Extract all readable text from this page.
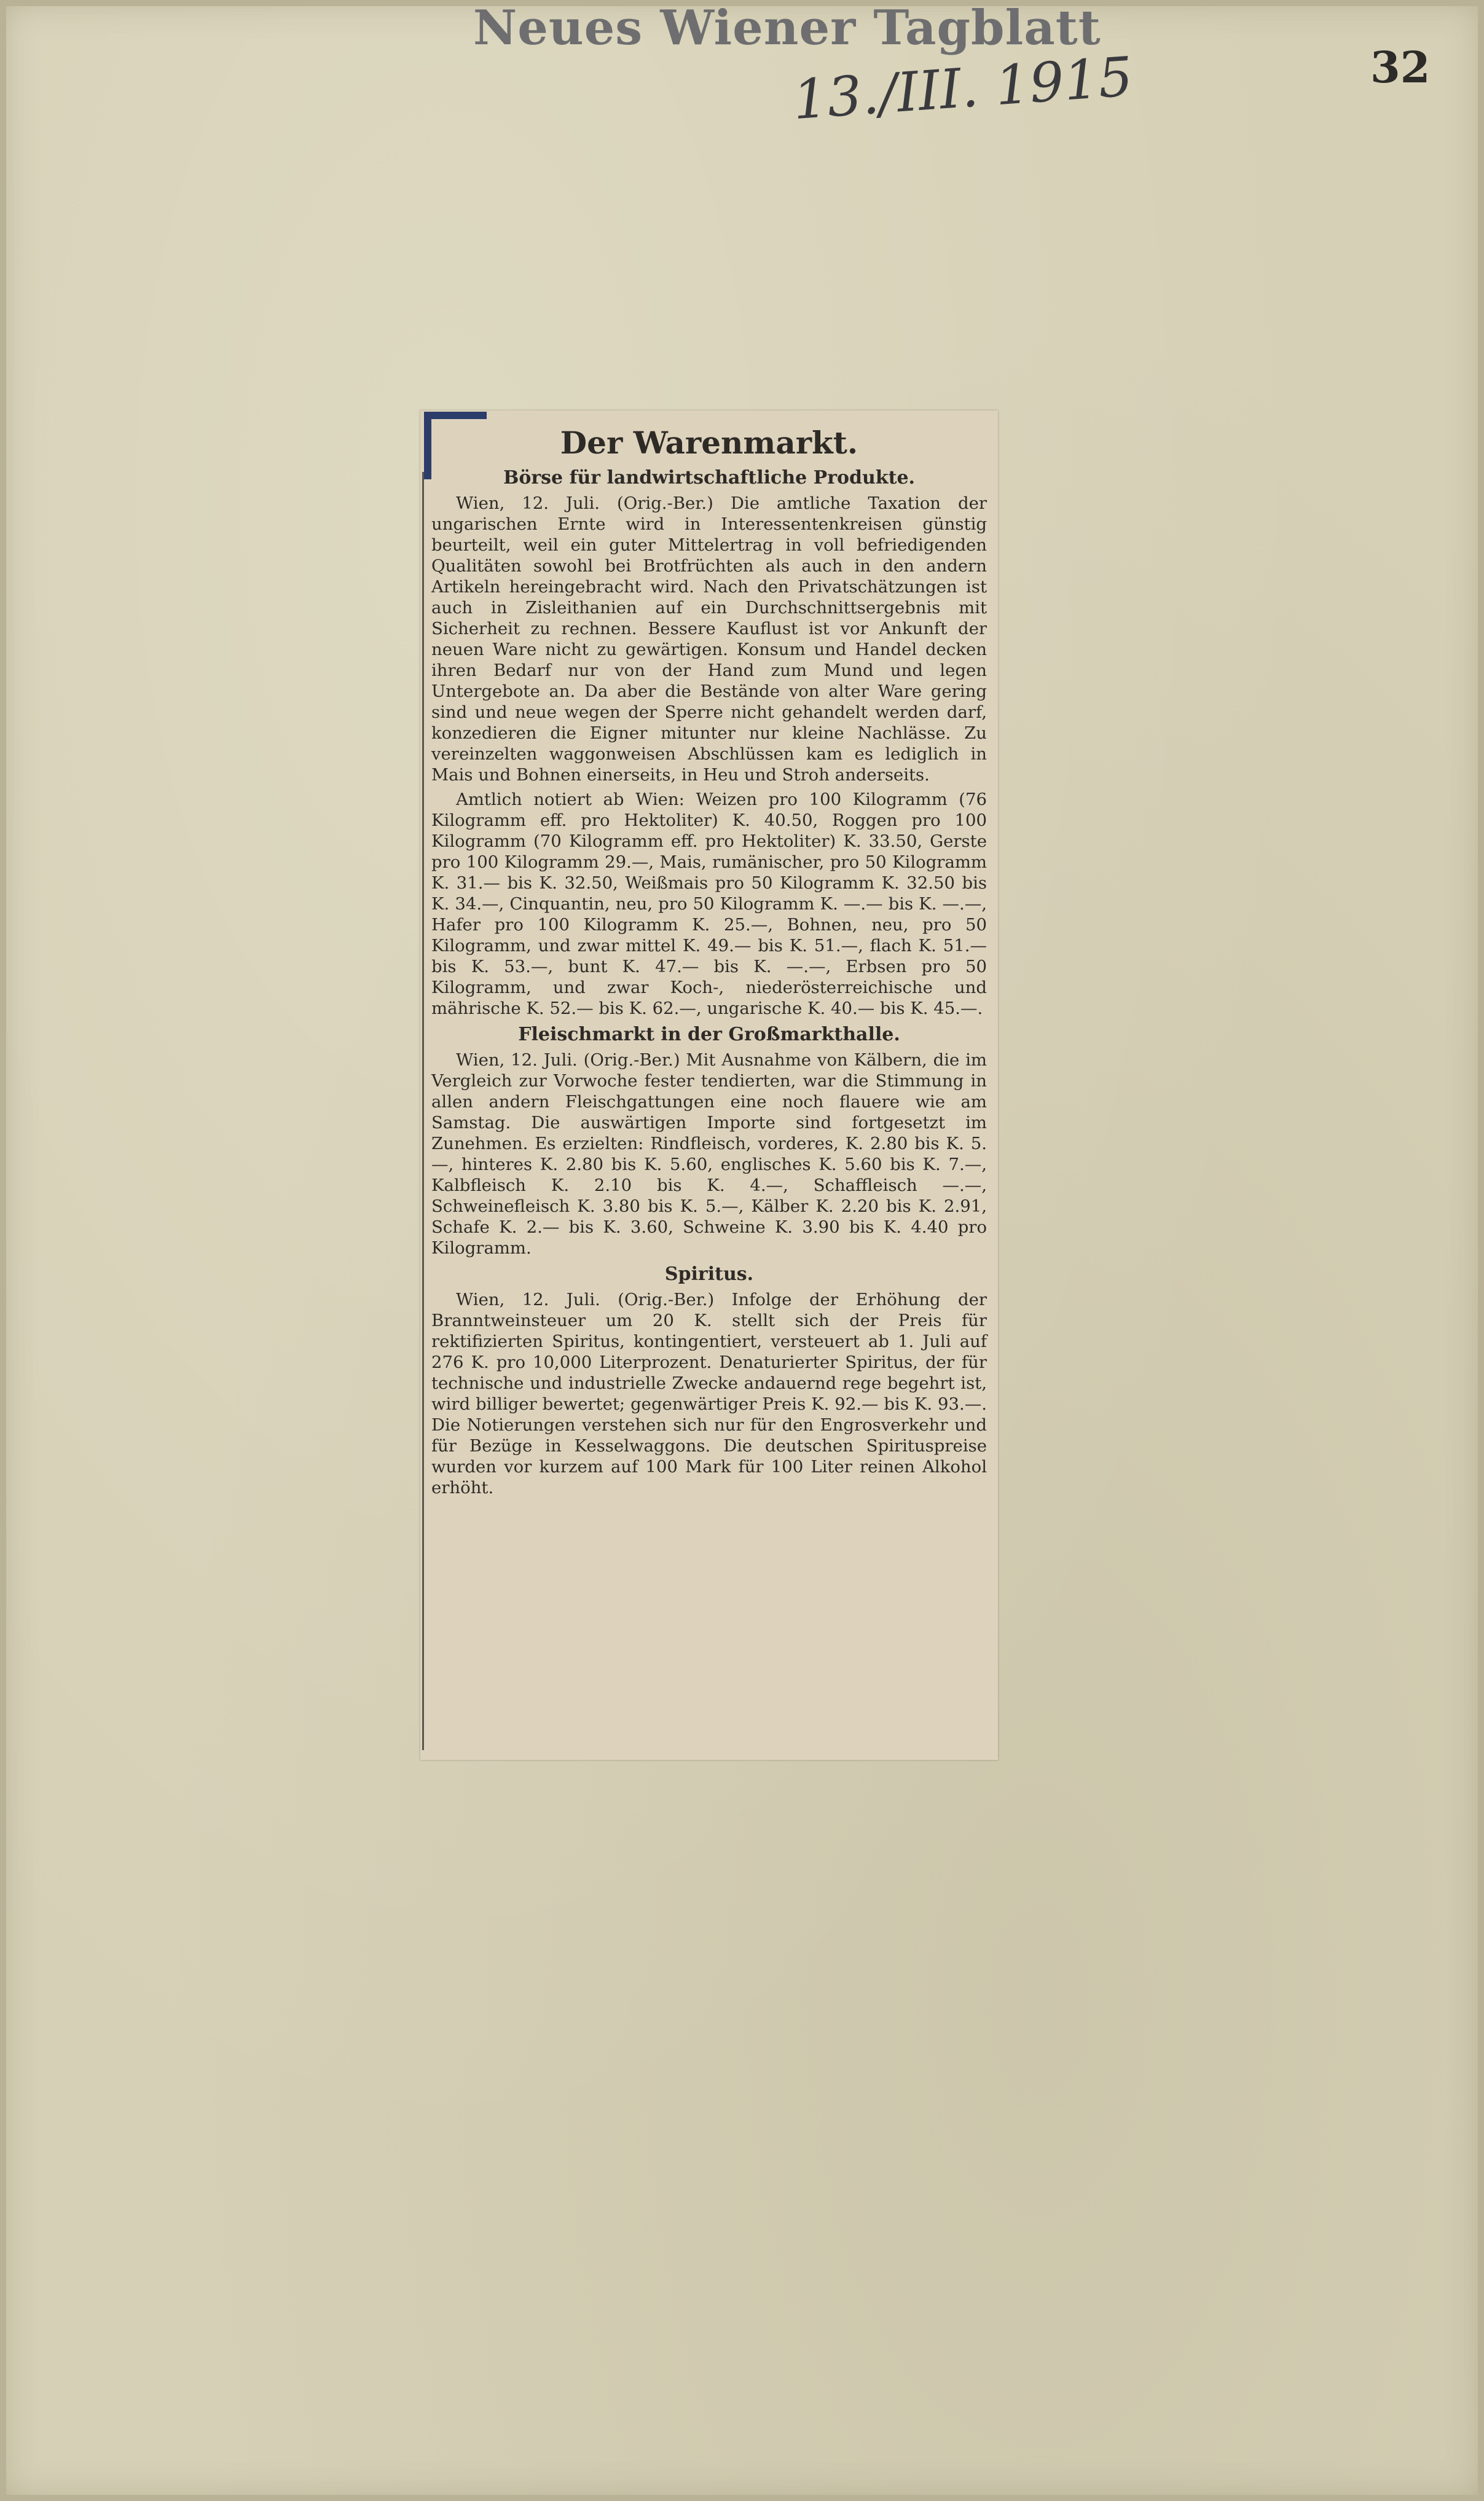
Neues Wiener Tagblatt
13./III. 1915	32
Der Warenmarkt.
Börse für landwirtschaftliche Produkte.

Wien, 12. Juli. (Orig.-Ber.) Die amtliche Taxation der ungarischen Ernte wird in Interessentenkreisen günstig beurteilt, weil ein guter Mittelertrag in voll befriedigenden Qualitäten sowohl bei Brotfrüchten als auch in den andern Artikeln hereingebracht wird. Nach den Privatschätzungen ist auch in Zisleithanien auf ein Durchschnittsergebnis mit Sicherheit zu rechnen. Bessere Kauflust ist vor Ankunft der neuen Ware nicht zu gewärtigen. Konsum und Handel decken ihren Bedarf nur von der Hand zum Mund und legen Untergebote an. Da aber die Bestände von alter Ware gering sind und neue wegen der Sperre nicht gehandelt werden darf, konzedieren die Eigner mitunter nur kleine Nachlässe. Zu vereinzelten waggonweisen Abschlüssen kam es lediglich in Mais und Bohnen einerseits, in Heu und Stroh anderseits.

Amtlich notiert ab Wien: Weizen pro 100 Kilogramm (76 Kilogramm eff. pro Hektoliter) K. 40.50, Roggen pro 100 Kilogramm (70 Kilogramm eff. pro Hektoliter) K. 33.50, Gerste pro 100 Kilogramm 29.—, Mais, rumänischer, pro 50 Kilogramm K. 31.— bis K. 32.50, Weißmais pro 50 Kilogramm K. 32.50 bis K. 34.—, Cinquantin, neu, pro 50 Kilogramm K. —.— bis K. —.—, Hafer pro 100 Kilogramm K. 25.—, Bohnen, neu, pro 50 Kilogramm, und zwar mittel K. 49.— bis K. 51.—, flach K. 51.— bis K. 53.—, bunt K. 47.— bis K. —.—, Erbsen pro 50 Kilogramm, und zwar Koch-, niederösterreichische und mährische K. 52.— bis K. 62.—, ungarische K. 40.— bis K. 45.—.

Fleischmarkt in der Großmarkthalle.

Wien, 12. Juli. (Orig.-Ber.) Mit Ausnahme von Kälbern, die im Vergleich zur Vorwoche fester tendierten, war die Stimmung in allen andern Fleischgattungen eine noch flauere wie am Samstag. Die auswärtigen Importe sind fortgesetzt im Zunehmen. Es erzielten: Rindfleisch, vorderes, K. 2.80 bis K. 5.—, hinteres K. 2.80 bis K. 5.60, englisches K. 5.60 bis K. 7.—, Kalbfleisch K. 2.10 bis K. 4.—, Schaffleisch —.—, Schweinefleisch K. 3.80 bis K. 5.—, Kälber K. 2.20 bis K. 2.91, Schafe K. 2.— bis K. 3.60, Schweine K. 3.90 bis K. 4.40 pro Kilogramm.

Spiritus.

Wien, 12. Juli. (Orig.-Ber.) Infolge der Erhöhung der Branntweinsteuer um 20 K. stellt sich der Preis für rektifizierten Spiritus, kontingentiert, versteuert ab 1. Juli auf 276 K. pro 10,000 Literprozent. Denaturierter Spiritus, der für technische und industrielle Zwecke andauernd rege begehrt ist, wird billiger bewertet; gegenwärtiger Preis K. 92.— bis K. 93.—. Die Notierungen verstehen sich nur für den Engrosverkehr und für Bezüge in Kesselwaggons. Die deutschen Spirituspreise wurden vor kurzem auf 100 Mark für 100 Liter reinen Alkohol erhöht.
